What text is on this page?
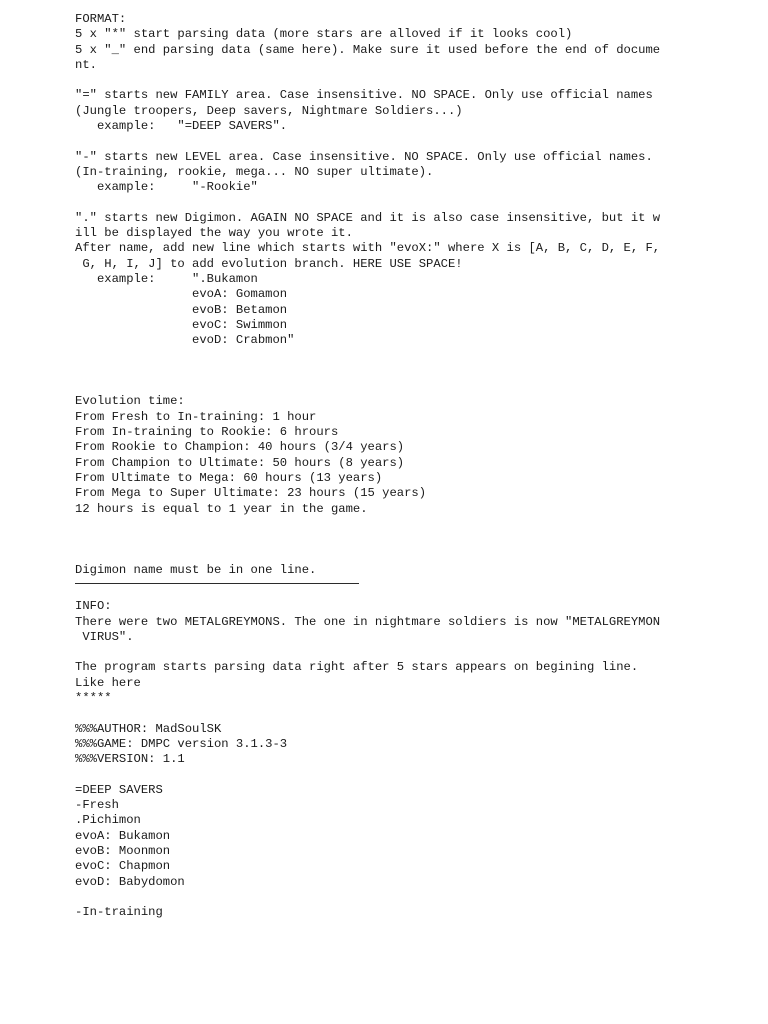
FORMAT:
5 x "*" start parsing data (more stars are alloved if it looks cool)
5 x "_" end parsing data (same here). Make sure it used before the end of docume
nt.
"=" starts new FAMILY area. Case insensitive. NO SPACE. Only use official names
(Jungle troopers, Deep savers, Nightmare Soldiers...)
example:   "=DEEP SAVERS".
"-" starts new LEVEL area. Case insensitive. NO SPACE. Only use official names.
(In-training, rookie, mega... NO super ultimate).
example:     "-Rookie"
"." starts new Digimon. AGAIN NO SPACE and it is also case insensitive, but it w
ill be displayed the way you wrote it.
After name, add new line which starts with "evoX:" where X is [A, B, C, D, E, F,
G, H, I, J] to add evolution branch. HERE USE SPACE!
example:     ".Bukamon
evoA: Gomamon
evoB: Betamon
evoC: Swimmon
evoD: Crabmon"
Evolution time:
From Fresh to In-training: 1 hour
From In-training to Rookie: 6 hrours
From Rookie to Champion: 40 hours (3/4 years)
From Champion to Ultimate: 50 hours (8 years)
From Ultimate to Mega: 60 hours (13 years)
From Mega to Super Ultimate: 23 hours (15 years)
12 hours is equal to 1 year in the game.
Digimon name must be in one line.
INFO:
There were two METALGREYMONS. The one in nightmare soldiers is now "METALGREYMON
VIRUS".
The program starts parsing data right after 5 stars appears on begining line.
Like here
*****
%%%AUTHOR: MadSoulSK
%%%GAME: DMPC version 3.1.3-3
%%%VERSION: 1.1
=DEEP SAVERS
-Fresh
.Pichimon
evoA: Bukamon
evoB: Moonmon
evoC: Chapmon
evoD: Babydomon
-In-training
